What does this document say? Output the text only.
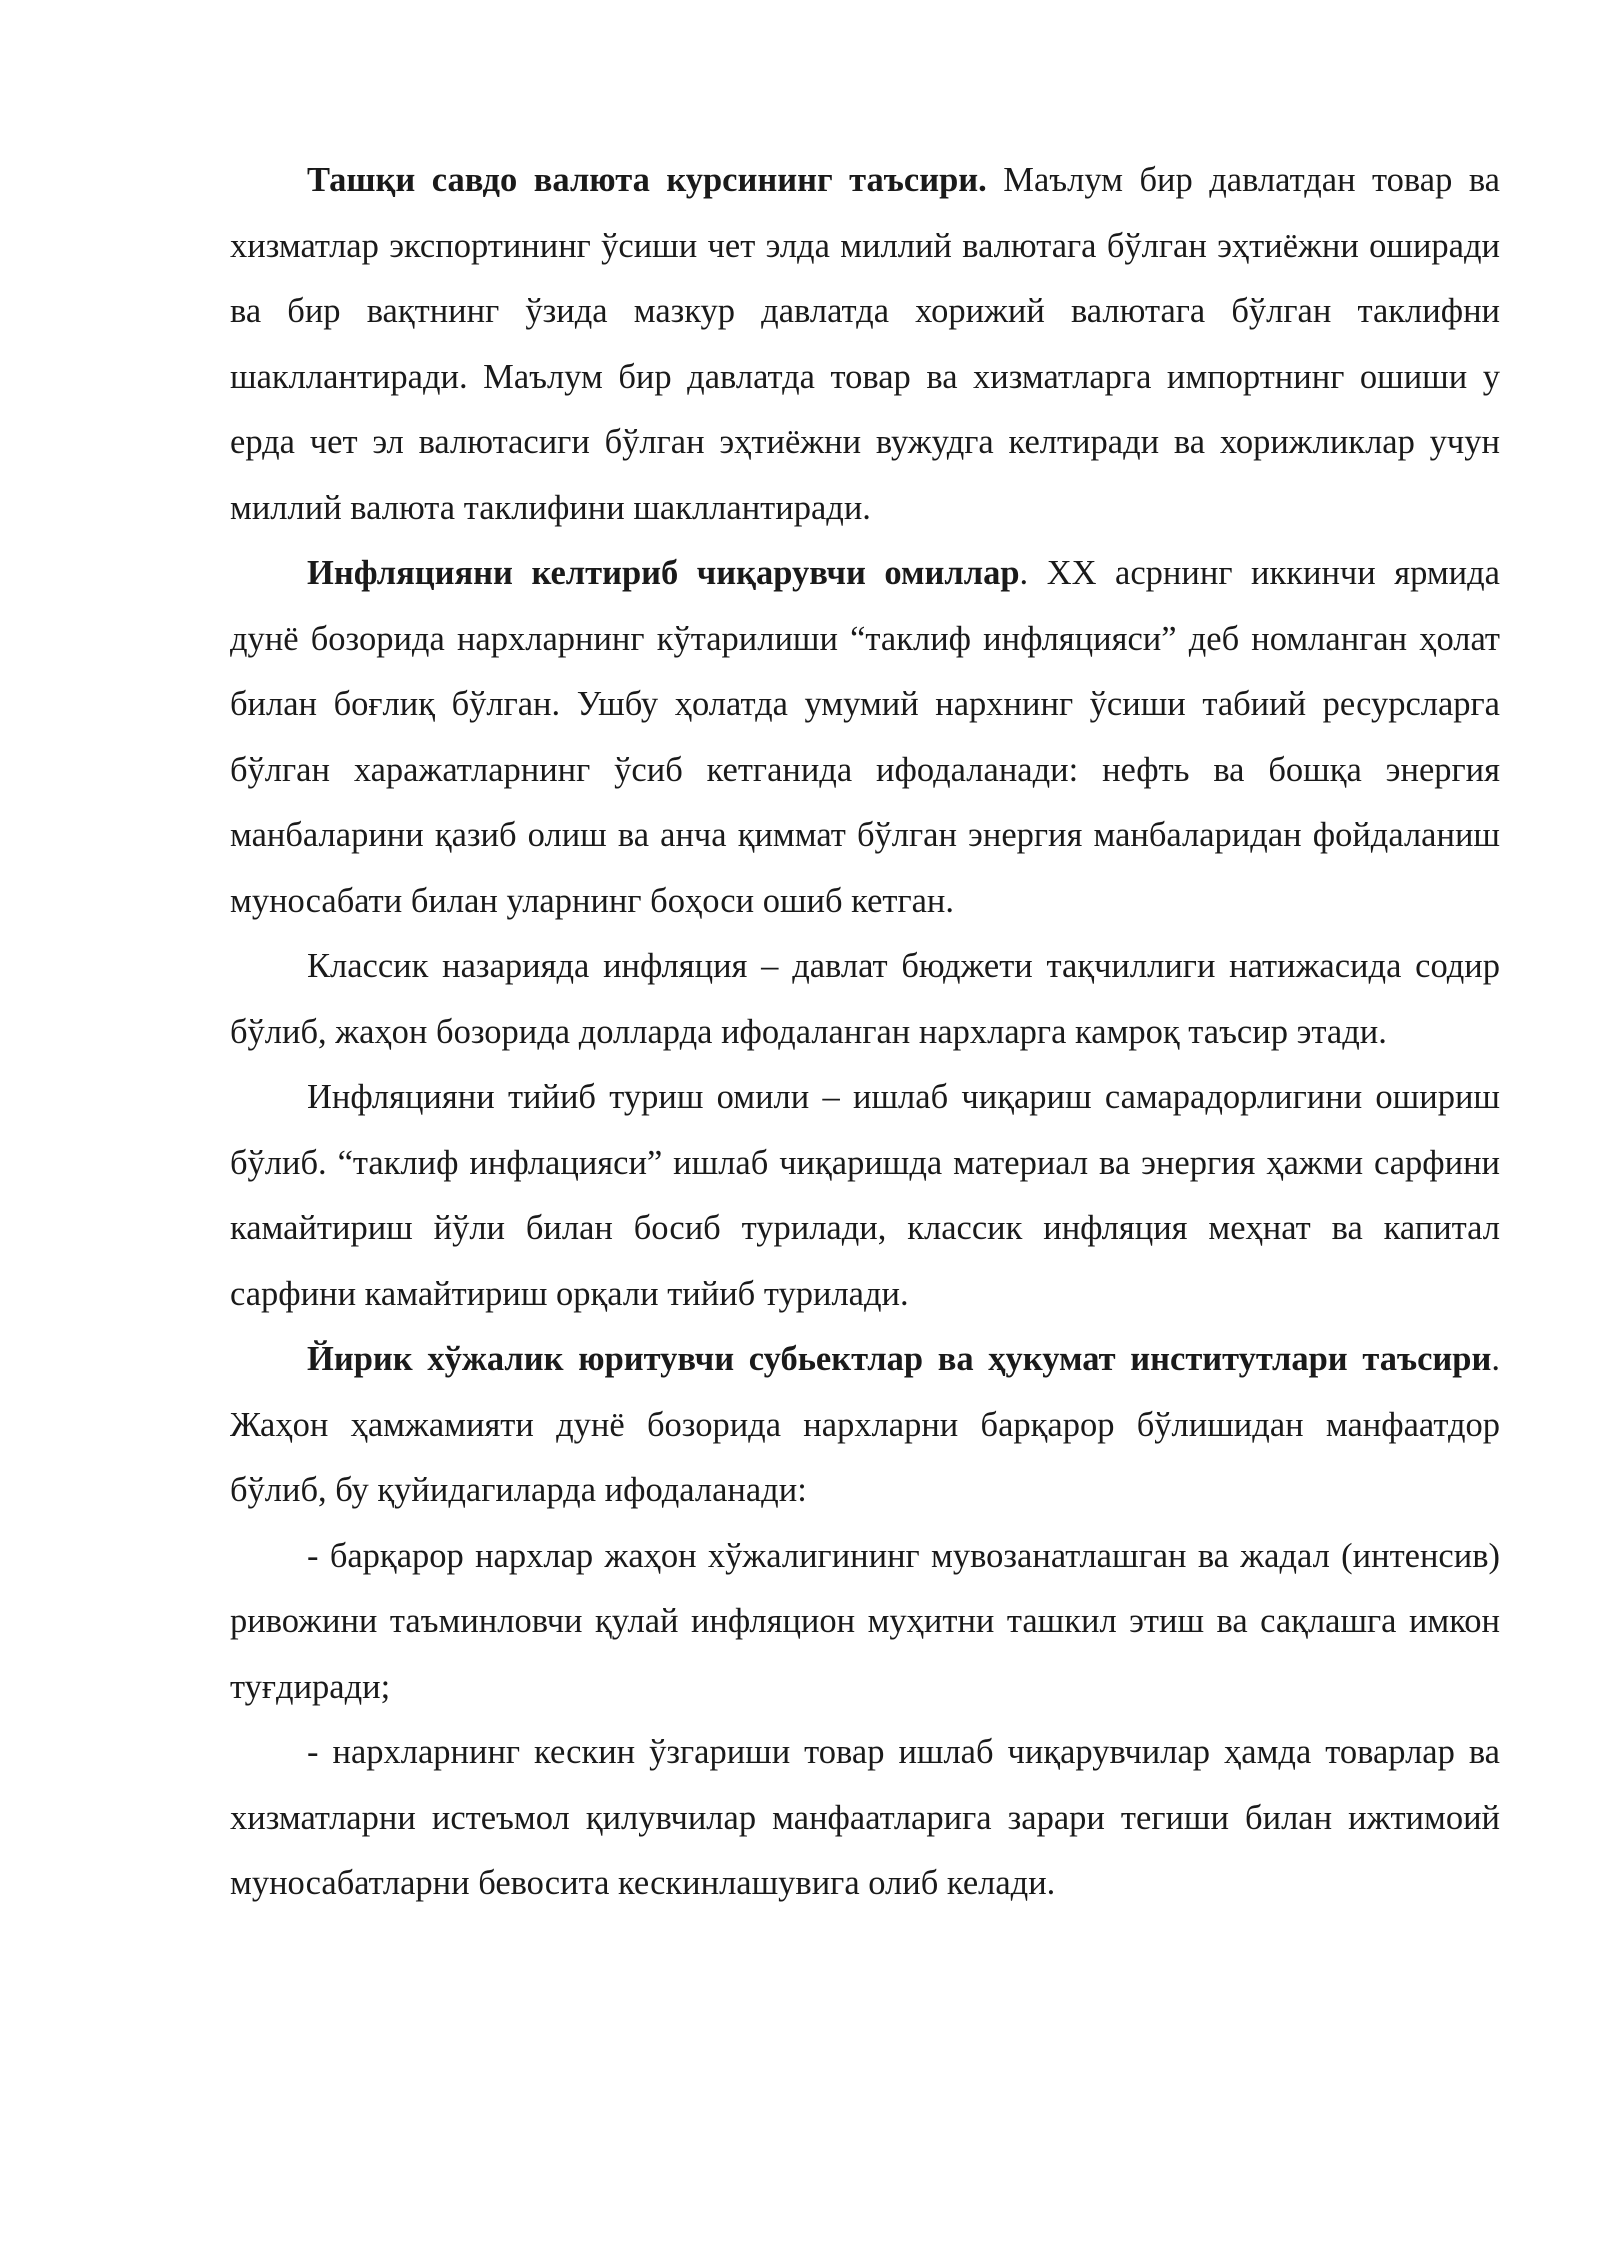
Ташқи савдо валюта курсининг таъсири. Маълум бир давлатдан товар ва хизматлар экспортининг ўсиши чет элда миллий валютага бўлган эҳтиёжни оширади ва бир вақтнинг ўзида мазкур давлатда хорижий валютага бўлган таклифни шакллантиради. Маълум бир давлатда товар ва хизматларга импортнинг ошиши у ерда чет эл валютасиги бўлган эҳтиёжни вужудга келтиради ва хорижликлар учун миллий валюта таклифини шакллантиради.

Инфляцияни келтириб чиқарувчи омиллар. XX асрнинг иккинчи ярмида дунё бозорида нархларнинг кўтарилиши “таклиф инфляцияси” деб номланган ҳолат билан боғлиқ бўлган. Ушбу ҳолатда умумий нархнинг ўсиши табиий ресурсларга бўлган харажатларнинг ўсиб кетганида ифодаланади: нефть ва бошқа энергия манбаларини қазиб олиш ва анча қиммат бўлган энергия манбаларидан фойдаланиш муносабати билан уларнинг боҳоси ошиб кетган.

Классик назарияда инфляция – давлат бюджети тақчиллиги натижасида содир бўлиб, жаҳон бозорида долларда ифодаланган нархларга камроқ таъсир этади.

Инфляцияни тийиб туриш омили – ишлаб чиқариш самарадорлигини ошириш бўлиб. “таклиф инфлацияси” ишлаб чиқаришда материал ва энергия ҳажми сарфини камайтириш йўли билан босиб турилади, классик инфляция меҳнат ва капитал сарфини камайтириш орқали тийиб турилади.

Йирик хўжалик юритувчи субьектлар ва ҳукумат институтлари таъсири. Жаҳон ҳамжамияти дунё бозорида нархларни барқарор бўлишидан манфаатдор бўлиб, бу қуйидагиларда ифодаланади:

- барқарор нархлар жаҳон хўжалигининг мувозанатлашган ва жадал (интенсив) ривожини таъминловчи қулай инфляцион муҳитни ташкил этиш ва сақлашга имкон туғдиради;

- нархларнинг кескин ўзгариши товар ишлаб чиқарувчилар ҳамда товарлар ва хизматларни истеъмол қилувчилар манфаатларига зарари тегиши билан ижтимоий муносабатларни бевосита кескинлашувига олиб келади.
